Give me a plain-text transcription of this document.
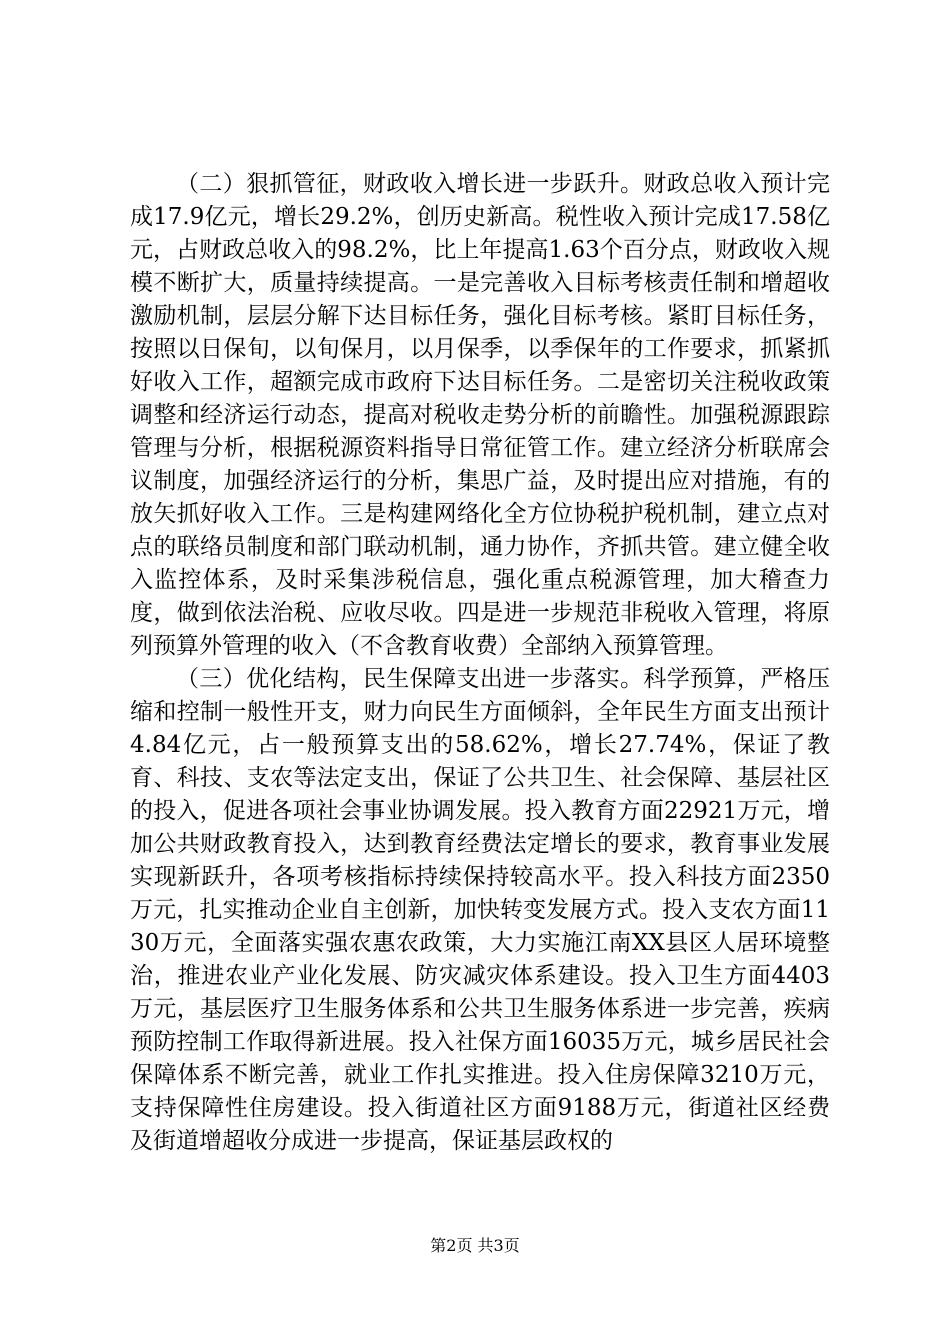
（二）狠抓管征，财政收入增长进一步跃升。财政总收入预计完成17.9亿元，增长29.2%，创历史新高。税性收入预计完成17.58亿元，占财政总收入的98.2%，比上年提高1.63个百分点，财政收入规模不断扩大，质量持续提高。一是完善收入目标考核责任制和增超收激励机制，层层分解下达目标任务，强化目标考核。紧盯目标任务，按照以日保旬，以旬保月，以月保季，以季保年的工作要求，抓紧抓好收入工作，超额完成市政府下达目标任务。二是密切关注税收政策调整和经济运行动态，提高对税收走势分析的前瞻性。加强税源跟踪管理与分析，根据税源资料指导日常征管工作。建立经济分析联席会议制度，加强经济运行的分析，集思广益，及时提出应对措施，有的放矢抓好收入工作。三是构建网络化全方位协税护税机制，建立点对点的联络员制度和部门联动机制，通力协作，齐抓共管。建立健全收入监控体系，及时采集涉税信息，强化重点税源管理，加大稽查力度，做到依法治税、应收尽收。四是进一步规范非税收入管理，将原列预算外管理的收入（不含教育收费）全部纳入预算管理。

（三）优化结构，民生保障支出进一步落实。科学预算，严格压缩和控制一般性开支，财力向民生方面倾斜，全年民生方面支出预计4.84亿元，占一般预算支出的58.62%，增长27.74%，保证了教育、科技、支农等法定支出，保证了公共卫生、社会保障、基层社区的投入，促进各项社会事业协调发展。投入教育方面22921万元，增加公共财政教育投入，达到教育经费法定增长的要求，教育事业发展实现新跃升，各项考核指标持续保持较高水平。投入科技方面2350万元，扎实推动企业自主创新，加快转变发展方式。投入支农方面1130万元，全面落实强农惠农政策，大力实施江南XX县区人居环境整治，推进农业产业化发展、防灾减灾体系建设。投入卫生方面4403万元，基层医疗卫生服务体系和公共卫生服务体系进一步完善，疾病预防控制工作取得新进展。投入社保方面16035万元，城乡居民社会保障体系不断完善，就业工作扎实推进。投入住房保障3210万元，支持保障性住房建设。投入街道社区方面9188万元，街道社区经费及街道增超收分成进一步提高，保证基层政权的

第2页 共3页
